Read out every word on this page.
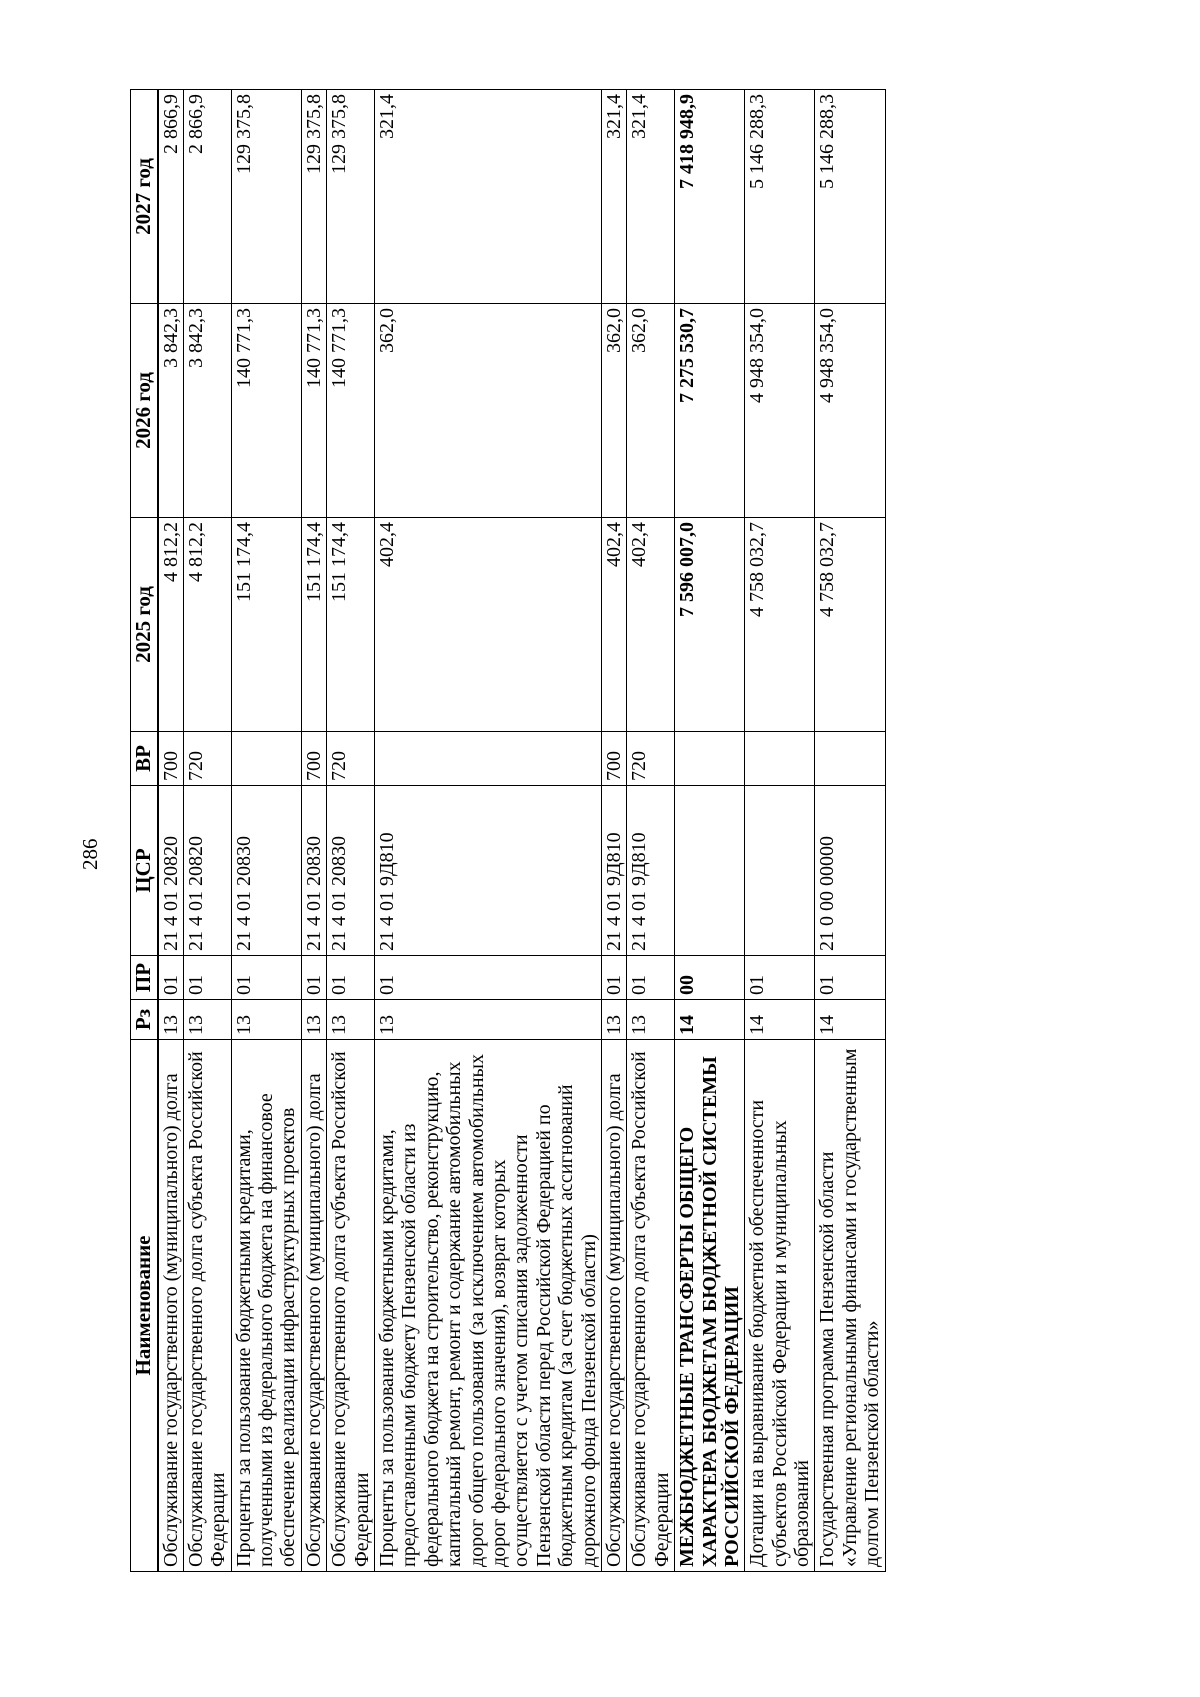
286
Наименование	Рз	ПР	ЦСР	ВР	2025 год	2026 год	2027 год
Обслуживание государственного (муниципального) долга	13	01	21 4 01 20820	700	4 812,2	3 842,3	2 866,9
Обслуживание государственного долга субъекта Российской Федерации	13	01	21 4 01 20820	720	4 812,2	3 842,3	2 866,9
Проценты за пользование бюджетными кредитами, полученными из федерального бюджета на финансовое обеспечение реализации инфраструктурных проектов	13	01	21 4 01 20830		151 174,4	140 771,3	129 375,8
Обслуживание государственного (муниципального) долга	13	01	21 4 01 20830	700	151 174,4	140 771,3	129 375,8
Обслуживание государственного долга субъекта Российской Федерации	13	01	21 4 01 20830	720	151 174,4	140 771,3	129 375,8
Проценты за пользование бюджетными кредитами, предоставленными бюджету Пензенской области из федерального бюджета на строительство, реконструкцию, капитальный ремонт, ремонт и содержание автомобильных дорог общего пользования (за исключением автомобильных дорог федерального значения), возврат которых осуществляется с учетом списания задолженности Пензенской области перед Российской Федерацией по бюджетным кредитам (за счет бюджетных ассигнований дорожного фонда Пензенской области)	13	01	21 4 01 9Д810		402,4	362,0	321,4
Обслуживание государственного (муниципального) долга	13	01	21 4 01 9Д810	700	402,4	362,0	321,4
Обслуживание государственного долга субъекта Российской Федерации	13	01	21 4 01 9Д810	720	402,4	362,0	321,4
МЕЖБЮДЖЕТНЫЕ ТРАНСФЕРТЫ ОБЩЕГО ХАРАКТЕРА БЮДЖЕТАМ БЮДЖЕТНОЙ СИСТЕМЫ РОССИЙСКОЙ ФЕДЕРАЦИИ	14	00			7 596 007,0	7 275 530,7	7 418 948,9
Дотации на выравнивание бюджетной обеспеченности субъектов Российской Федерации и муниципальных образований	14	01			4 758 032,7	4 948 354,0	5 146 288,3
Государственная программа Пензенской области «Управление региональными финансами и государственным долгом Пензенской области»	14	01	21 0 00 00000		4 758 032,7	4 948 354,0	5 146 288,3
